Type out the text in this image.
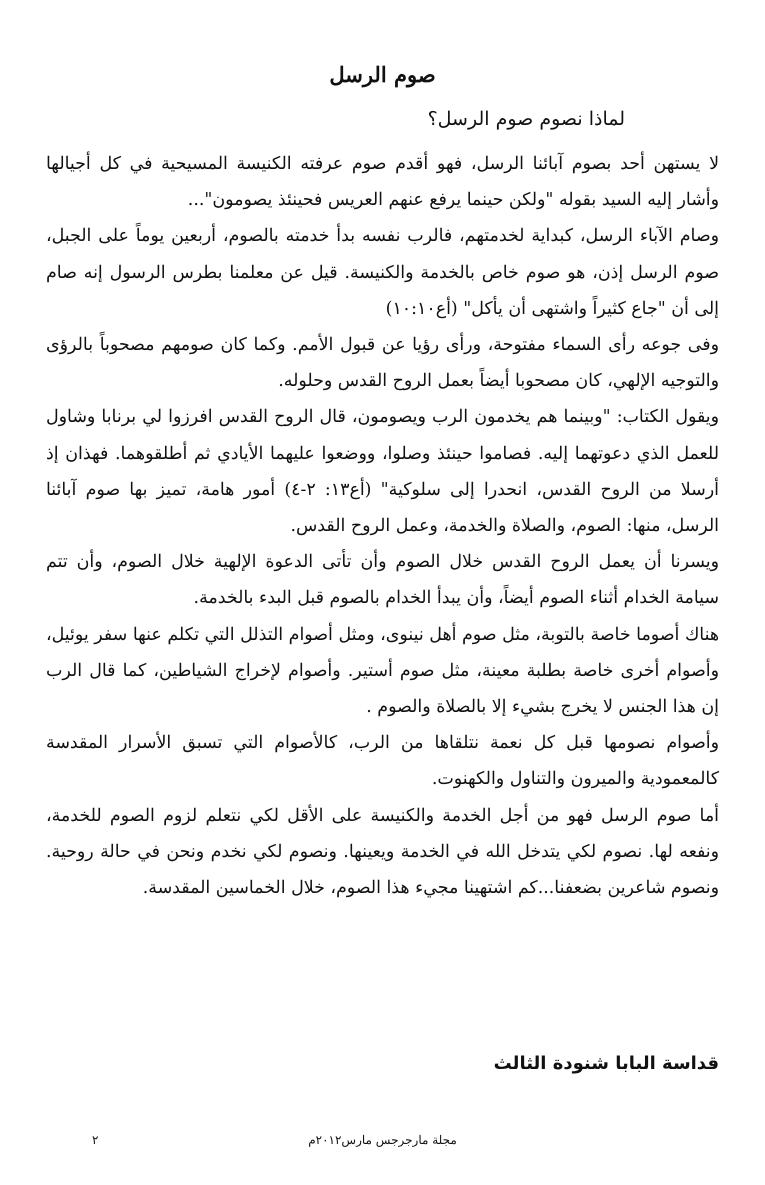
صوم الرسل
لماذا نصوم صوم الرسل؟

لا يستهن أحد بصوم آبائنا الرسل، فهو أقدم صوم عرفته الكنيسة المسيحية في كل أجيالها وأشار إليه السيد بقوله "ولكن حينما يرفع عنهم العريس فحينئذ يصومون"...

وصام الآباء الرسل، كبداية لخدمتهم، فالرب نفسه بدأ خدمته بالصوم، أربعين يوماً على الجبل، صوم الرسل إذن، هو صوم خاص بالخدمة والكنيسة. قيل عن معلمنا بطرس الرسول إنه صام إلى أن "جاع كثيراً واشتهى أن يأكل" (أع١٠:١٠)

وفى جوعه رأى السماء مفتوحة، ورأى رؤيا عن قبول الأمم. وكما كان صومهم مصحوباً بالرؤى والتوجيه الإلهي، كان مصحوبا أيضاً بعمل الروح القدس وحلوله.

ويقول الكتاب: "وبينما هم يخدمون الرب ويصومون، قال الروح القدس افرزوا لي برنابا وشاول للعمل الذي دعوتهما إليه. فصاموا حينئذ وصلوا، ووضعوا عليهما الأيادي ثم أطلقوهما. فهذان إذ أرسلا من الروح القدس، انحدرا إلى سلوكية" (أع١٣: ٢-٤) أمور هامة، تميز بها صوم آبائنا الرسل، منها: الصوم، والصلاة والخدمة، وعمل الروح القدس.

ويسرنا أن يعمل الروح القدس خلال الصوم وأن تأتى الدعوة الإلهية خلال الصوم، وأن تتم سيامة الخدام أثناء الصوم أيضاً، وأن يبدأ الخدام بالصوم قبل البدء بالخدمة.

هناك أصوما خاصة بالتوبة، مثل صوم أهل نينوى، ومثل أصوام التذلل التي تكلم عنها سفر يوئيل، وأصوام أخرى خاصة بطلبة معينة، مثل صوم أستير. وأصوام لإخراج الشياطين، كما قال الرب إن هذا الجنس لا يخرج بشيء إلا بالصلاة والصوم .

وأصوام نصومها قبل كل نعمة نتلقاها من الرب، كالأصوام التي تسبق الأسرار المقدسة كالمعمودية والميرون والتناول والكهنوت.

أما صوم الرسل فهو من أجل الخدمة والكنيسة على الأقل لكي نتعلم لزوم الصوم للخدمة، ونفعه لها. نصوم لكي يتدخل الله في الخدمة ويعينها. ونصوم لكي نخدم ونحن في حالة روحية. ونصوم شاعرين بضعفنا...كم اشتهينا مجيء هذا الصوم، خلال الخماسين المقدسة.

قداسة البابا شنودة الثالث
مجلة مارجرجس مارس٢٠١٢م
٢
